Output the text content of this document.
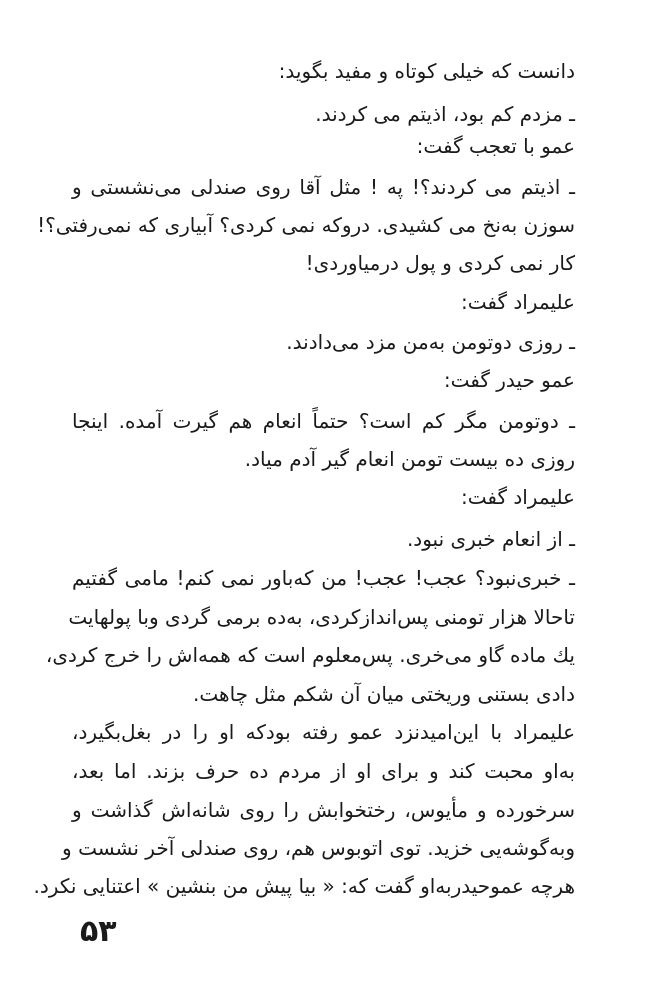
دانست که خیلی کوتاه و مفید بگوید:
ـ مزدم کم بود، اذیتم می کردند.
عمو با تعجب گفت:
ـ اذیتم می کردند؟! په ! مثل آقا روی صندلی می‌نشستی و
سوزن به‌نخ می کشیدی. دروکه نمی کردی؟ آبیاری که نمی‌رفتی؟!
کار نمی کردی و پول درمیاوردی!
علیمراد گفت:
ـ روزی دوتومن به‌من مزد می‌دادند.
عمو حیدر گفت:
ـ دوتومن مگر کم است؟ حتماً انعام هم گیرت آمده. اینجا
روزی ده بیست تومن انعام گیر آدم میاد.
علیمراد گفت:
ـ از انعام خبری نبود.
ـ خبری‌نبود؟ عجب! عجب! من که‌باور نمی کنم! مامی گفتیم
تاحالا هزار تومنی پس‌اندازکردی، به‌ده برمی گردی وبا پولهایت
یك ماده گاو می‌خری. پس‌معلوم است که همه‌اش را خرج کردی،
دادی بستنی وریختی میان آن شکم مثل چاهت.
علیمراد با این‌امیدنزد عمو رفته بودکه او را در بغل‌بگیرد،
به‌او محبت کند و برای او از مردم ده حرف بزند. اما بعد،
سرخورده و مأیوس، رختخوابش را روی شانه‌اش گذاشت و
وبه‌گوشه‌یی خزید. توی اتوبوس هم، روی صندلی آخر نشست و
هرچه عموحیدربه‌او گفت که: « بیا پیش من بنشین » اعتنایی نکرد.
۵۳
